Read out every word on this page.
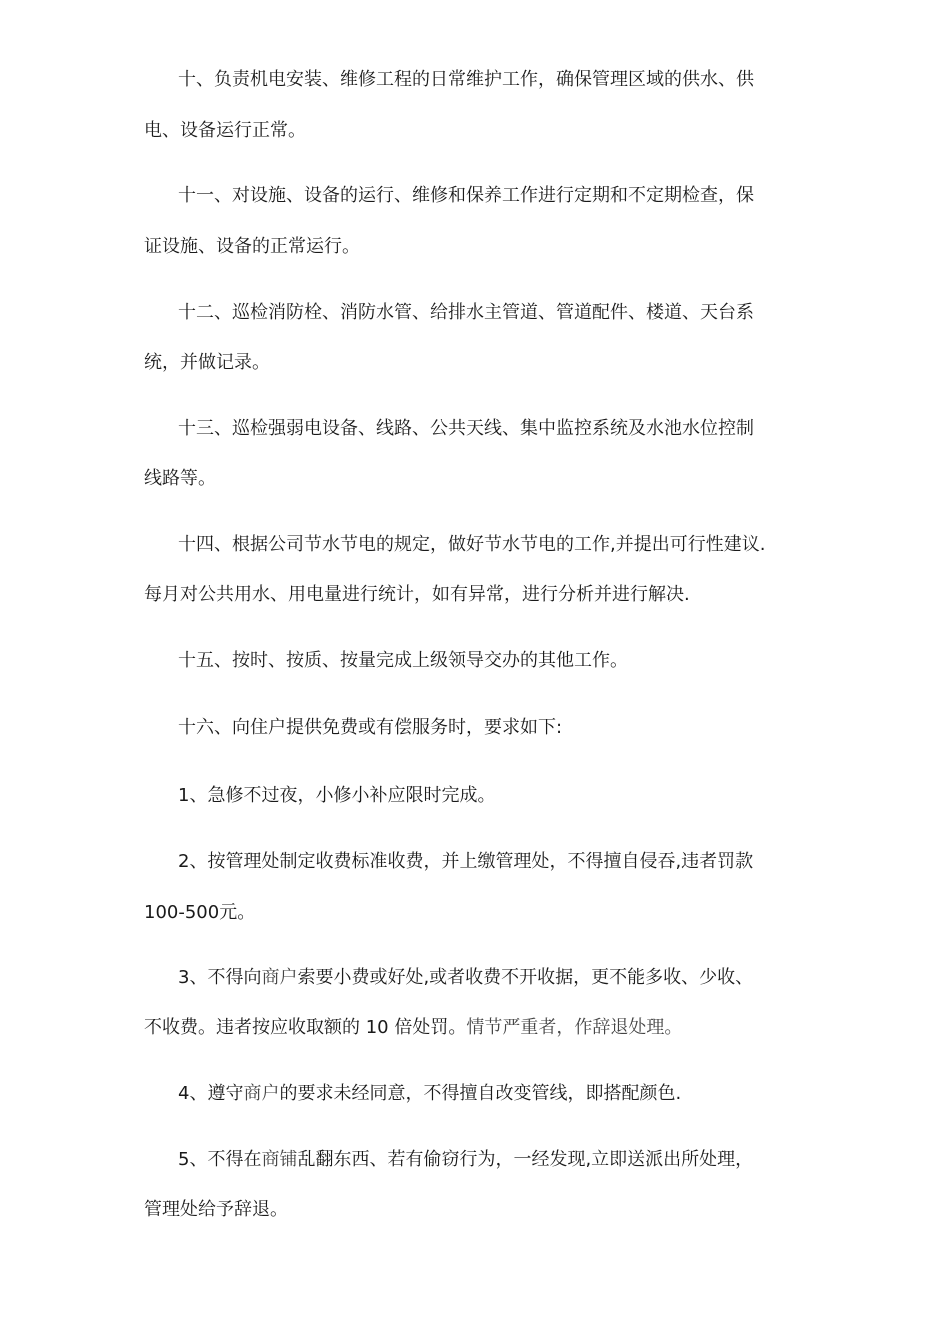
十、负责机电安装、维修工程的日常维护工作，确保管理区域的供水、供
电、设备运行正常。
十一、对设施、设备的运行、维修和保养工作进行定期和不定期检查，保
证设施、设备的正常运行。
十二、巡检消防栓、消防水管、给排水主管道、管道配件、楼道、天台系
统，并做记录。
十三、巡检强弱电设备、线路、公共天线、集中监控系统及水池水位控制
线路等。
十四、根据公司节水节电的规定，做好节水节电的工作,并提出可行性建议.
每月对公共用水、用电量进行统计，如有异常，进行分析并进行解决.
十五、按时、按质、按量完成上级领导交办的其他工作。
十六、向住户提供免费或有偿服务时，要求如下:
1、急修不过夜，小修小补应限时完成。
2、按管理处制定收费标准收费，并上缴管理处，不得擅自侵吞,违者罚款
100-500元。
3、不得向商户索要小费或好处,或者收费不开收据，更不能多收、少收、
不收费。违者按应收取额的 10 倍处罚。情节严重者，作辞退处理。
4、遵守商户的要求未经同意，不得擅自改变管线，即搭配颜色.
5、不得在商铺乱翻东西、若有偷窃行为，一经发现,立即送派出所处理，
管理处给予辞退。
